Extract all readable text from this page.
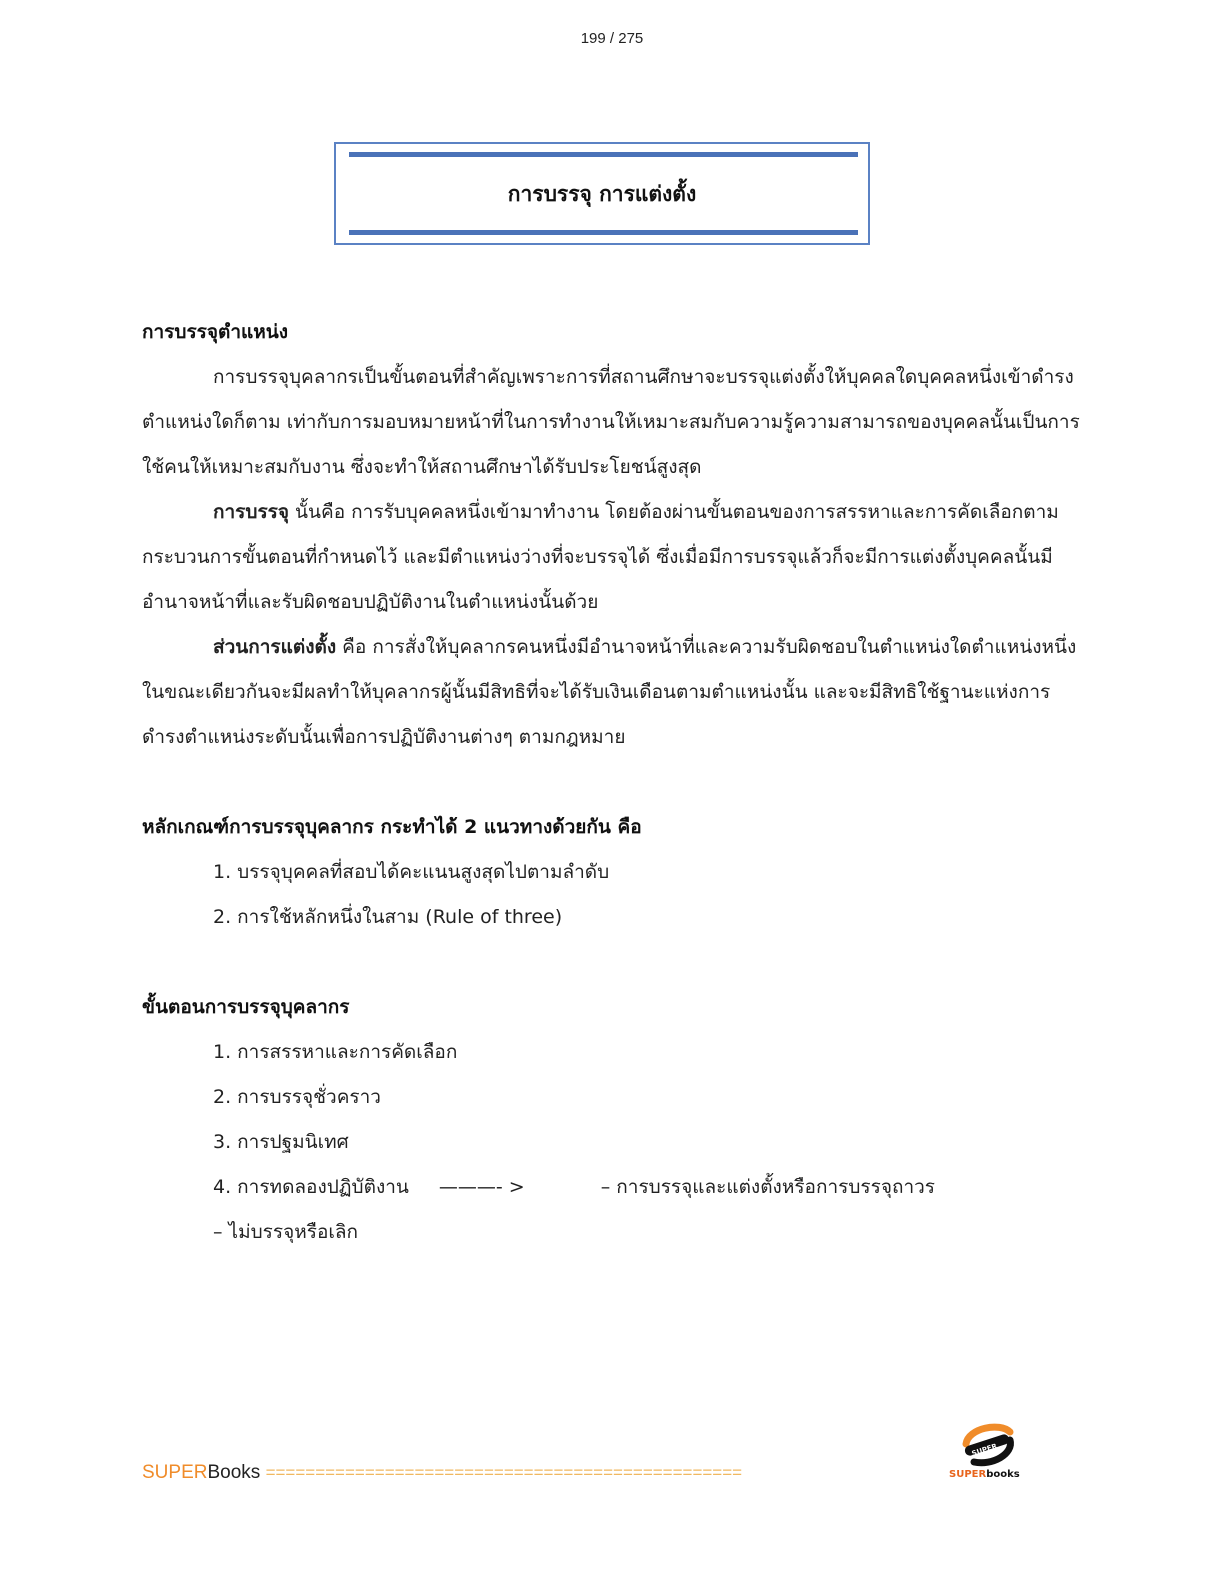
199 / 275
การบรรจุ การแต่งตั้ง
การบรรจุตำแหน่ง

การบรรจุบุคลากรเป็นขั้นตอนที่สำคัญเพราะการที่สถานศึกษาจะบรรจุแต่งตั้งให้บุคคลใดบุคคลหนึ่งเข้าดำรงตำแหน่งใดก็ตาม เท่ากับการมอบหมายหน้าที่ในการทำงานให้เหมาะสมกับความรู้ความสามารถของบุคคลนั้นเป็นการใช้คนให้เหมาะสมกับงาน ซึ่งจะทำให้สถานศึกษาได้รับประโยชน์สูงสุด

การบรรจุ นั้นคือ การรับบุคคลหนึ่งเข้ามาทำงาน โดยต้องผ่านขั้นตอนของการสรรหาและการคัดเลือกตามกระบวนการขั้นตอนที่กำหนดไว้ และมีตำแหน่งว่างที่จะบรรจุได้ ซึ่งเมื่อมีการบรรจุแล้วก็จะมีการแต่งตั้งบุคคลนั้นมีอำนาจหน้าที่และรับผิดชอบปฏิบัติงานในตำแหน่งนั้นด้วย

ส่วนการแต่งตั้ง คือ การสั่งให้บุคลากรคนหนึ่งมีอำนาจหน้าที่และความรับผิดชอบในตำแหน่งใดตำแหน่งหนึ่ง ในขณะเดียวกันจะมีผลทำให้บุคลากรผู้นั้นมีสิทธิที่จะได้รับเงินเดือนตามตำแหน่งนั้น และจะมีสิทธิใช้ฐานะแห่งการดำรงตำแหน่งระดับนั้นเพื่อการปฏิบัติงานต่างๆ ตามกฎหมาย

หลักเกณฑ์การบรรจุบุคลากร กระทำได้ 2 แนวทางด้วยกัน คือ
1. บรรจุบุคคลที่สอบได้คะแนนสูงสุดไปตามลำดับ
2. การใช้หลักหนึ่งในสาม (Rule of three)
ขั้นตอนการบรรจุบุคลากร
1. การสรรหาและการคัดเลือก
2. การบรรจุชั่วคราว
3. การปฐมนิเทศ
4. การทดลองปฏิบัติงาน ———- >	– การบรรจุและแต่งตั้งหรือการบรรจุถาวร
– ไม่บรรจุหรือเลิก
SUPERBooks ================================================
SUPER
SUPERbooks
